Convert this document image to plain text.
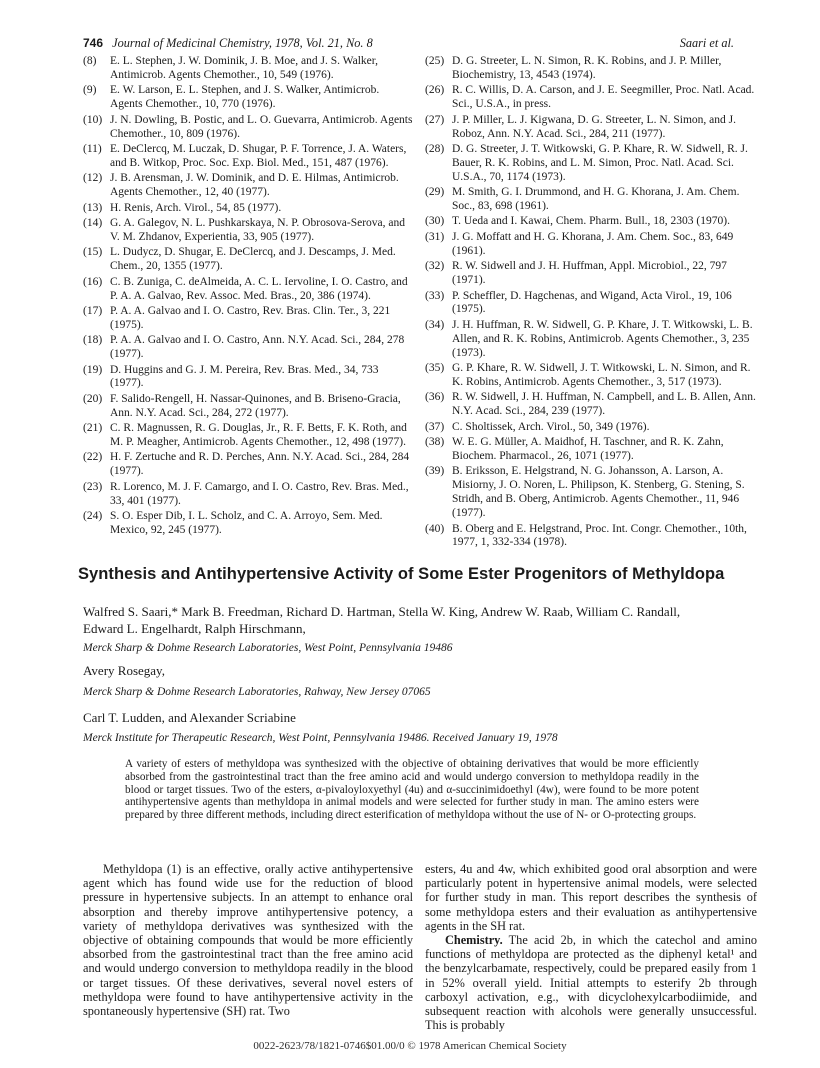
746 Journal of Medicinal Chemistry, 1978, Vol. 21, No. 8	Saari et al.
(8)	E. L. Stephen, J. W. Dominik, J. B. Moe, and J. S. Walker, Antimicrob. Agents Chemother., 10, 549 (1976).
(9)	E. W. Larson, E. L. Stephen, and J. S. Walker, Antimicrob. Agents Chemother., 10, 770 (1976).
(10) J. N. Dowling, B. Postic, and L. O. Guevarra, Antimicrob. Agents Chemother., 10, 809 (1976).
(11) E. DeClercq, M. Luczak, D. Shugar, P. F. Torrence, J. A. Waters, and B. Witkop, Proc. Soc. Exp. Biol. Med., 151, 487 (1976).
(12) J. B. Arensman, J. W. Dominik, and D. E. Hilmas, Antimicrob. Agents Chemother., 12, 40 (1977).
(13) H. Renis, Arch. Virol., 54, 85 (1977).
(14) G. A. Galegov, N. L. Pushkarskaya, N. P. Obrosova-Serova, and V. M. Zhdanov, Experientia, 33, 905 (1977).
(15) L. Dudycz, D. Shugar, E. DeClercq, and J. Descamps, J. Med. Chem., 20, 1355 (1977).
(16) C. B. Zuniga, C. deAlmeida, A. C. L. Iervoline, I. O. Castro, and P. A. A. Galvao, Rev. Assoc. Med. Bras., 20, 386 (1974).
(17) P. A. A. Galvao and I. O. Castro, Rev. Bras. Clin. Ter., 3, 221 (1975).
(18) P. A. A. Galvao and I. O. Castro, Ann. N.Y. Acad. Sci., 284, 278 (1977).
(19) D. Huggins and G. J. M. Pereira, Rev. Bras. Med., 34, 733 (1977).
(20) F. Salido-Rengell, H. Nassar-Quinones, and B. Briseno-Gracia, Ann. N.Y. Acad. Sci., 284, 272 (1977).
(21) C. R. Magnussen, R. G. Douglas, Jr., R. F. Betts, F. K. Roth, and M. P. Meagher, Antimicrob. Agents Chemother., 12, 498 (1977).
(22) H. F. Zertuche and R. D. Perches, Ann. N.Y. Acad. Sci., 284, 284 (1977).
(23) R. Lorenco, M. J. F. Camargo, and I. O. Castro, Rev. Bras. Med., 33, 401 (1977).
(24) S. O. Esper Dib, I. L. Scholz, and C. A. Arroyo, Sem. Med. Mexico, 92, 245 (1977).
(25) D. G. Streeter, L. N. Simon, R. K. Robins, and J. P. Miller, Biochemistry, 13, 4543 (1974).
(26) R. C. Willis, D. A. Carson, and J. E. Seegmiller, Proc. Natl. Acad. Sci., U.S.A., in press.
(27) J. P. Miller, L. J. Kigwana, D. G. Streeter, L. N. Simon, and J. Roboz, Ann. N.Y. Acad. Sci., 284, 211 (1977).
(28) D. G. Streeter, J. T. Witkowski, G. P. Khare, R. W. Sidwell, R. J. Bauer, R. K. Robins, and L. M. Simon, Proc. Natl. Acad. Sci. U.S.A., 70, 1174 (1973).
(29) M. Smith, G. I. Drummond, and H. G. Khorana, J. Am. Chem. Soc., 83, 698 (1961).
(30) T. Ueda and I. Kawai, Chem. Pharm. Bull., 18, 2303 (1970).
(31) J. G. Moffatt and H. G. Khorana, J. Am. Chem. Soc., 83, 649 (1961).
(32) R. W. Sidwell and J. H. Huffman, Appl. Microbiol., 22, 797 (1971).
(33) P. Scheffler, D. Hagchenas, and Wigand, Acta Virol., 19, 106 (1975).
(34) J. H. Huffman, R. W. Sidwell, G. P. Khare, J. T. Witkowski, L. B. Allen, and R. K. Robins, Antimicrob. Agents Chemother., 3, 235 (1973).
(35) G. P. Khare, R. W. Sidwell, J. T. Witkowski, L. N. Simon, and R. K. Robins, Antimicrob. Agents Chemother., 3, 517 (1973).
(36) R. W. Sidwell, J. H. Huffman, N. Campbell, and L. B. Allen, Ann. N.Y. Acad. Sci., 284, 239 (1977).
(37) C. Sholtissek, Arch. Virol., 50, 349 (1976).
(38) W. E. G. Müller, A. Maidhof, H. Taschner, and R. K. Zahn, Biochem. Pharmacol., 26, 1071 (1977).
(39) B. Eriksson, E. Helgstrand, N. G. Johansson, A. Larson, A. Misiorny, J. O. Noren, L. Philipson, K. Stenberg, G. Stening, S. Stridh, and B. Oberg, Antimicrob. Agents Chemother., 11, 946 (1977).
(40) B. Oberg and E. Helgstrand, Proc. Int. Congr. Chemother., 10th, 1977, 1, 332-334 (1978).
Synthesis and Antihypertensive Activity of Some Ester Progenitors of Methyldopa
Walfred S. Saari,* Mark B. Freedman, Richard D. Hartman, Stella W. King, Andrew W. Raab, William C. Randall,
Edward L. Engelhardt, Ralph Hirschmann,
Merck Sharp & Dohme Research Laboratories, West Point, Pennsylvania 19486
Avery Rosegay,
Merck Sharp & Dohme Research Laboratories, Rahway, New Jersey 07065
Carl T. Ludden, and Alexander Scriabine
Merck Institute for Therapeutic Research, West Point, Pennsylvania 19486. Received January 19, 1978
A variety of esters of methyldopa was synthesized with the objective of obtaining derivatives that would be more efficiently absorbed from the gastrointestinal tract than the free amino acid and would undergo conversion to methyldopa readily in the blood or target tissues. Two of the esters, α-pivaloyloxyethyl (4u) and α-succinimidoethyl (4w), were found to be more potent antihypertensive agents than methyldopa in animal models and were selected for further study in man. The amino esters were prepared by three different methods, including direct esterification of methyldopa without the use of N- or O-protecting groups.
Methyldopa (1) is an effective, orally active antihypertensive agent which has found wide use for the reduction of blood pressure in hypertensive subjects. In an attempt to enhance oral absorption and thereby improve antihypertensive potency, a variety of methyldopa derivatives was synthesized with the objective of obtaining compounds that would be more efficiently absorbed from the gastrointestinal tract than the free amino acid and would undergo conversion to methyldopa readily in the blood or target tissues. Of these derivatives, several novel esters of methyldopa were found to have antihypertensive activity in the spontaneously hypertensive (SH) rat. Two
esters, 4u and 4w, which exhibited good oral absorption and were particularly potent in hypertensive animal models, were selected for further study in man. This report describes the synthesis of some methyldopa esters and their evaluation as antihypertensive agents in the SH rat.
Chemistry. The acid 2b, in which the catechol and amino functions of methyldopa are protected as the diphenyl ketal¹ and the benzylcarbamate, respectively, could be prepared easily from 1 in 52% overall yield. Initial attempts to esterify 2b through carboxyl activation, e.g., with dicyclohexylcarbodiimide, and subsequent reaction with alcohols were generally unsuccessful. This is probably
0022-2623/78/1821-0746$01.00/0 © 1978 American Chemical Society
